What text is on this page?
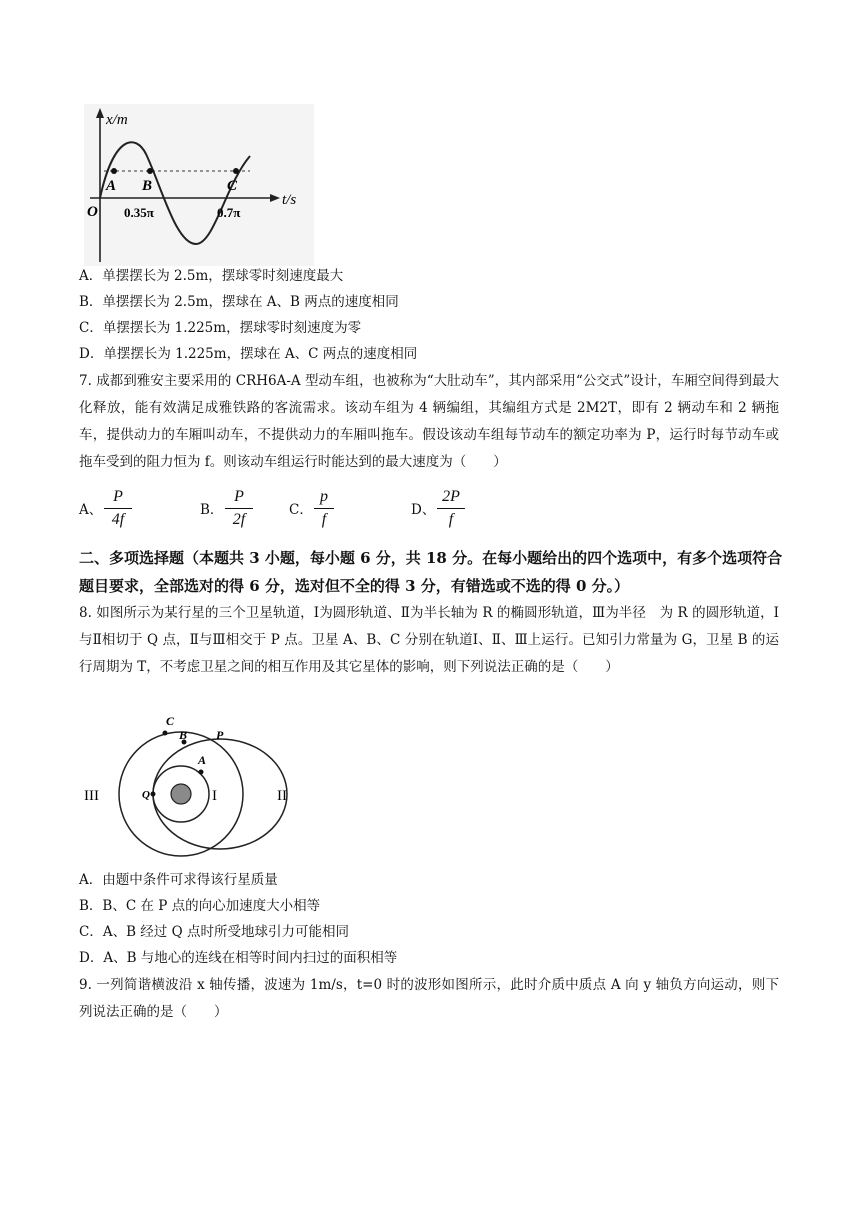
x/m
t/s
O
A B	C
0.35π	0.7π
A．单摆摆长为 2.5m，摆球零时刻速度最大
B．单摆摆长为 2.5m，摆球在 A、B 两点的速度相同
C．单摆摆长为 1.225m，摆球零时刻速度为零
D．单摆摆长为 1.225m，摆球在 A、C 两点的速度相同
7. 成都到雅安主要采用的 CRH6A-A 型动车组，也被称为“大肚动车”，其内部采用“公交式”设计，车厢空间得到最大化释放，能有效满足成雅铁路的客流需求。该动车组为 4 辆编组，其编组方式是 2M2T，即有 2 辆动车和 2 辆拖车，提供动力的车厢叫动车，不提供动力的车厢叫拖车。假设该动车组每节动车的额定功率为 P，运行时每节动车或拖车受到的阻力恒为 f。则该动车组运行时能达到的最大速度为（　　）
A、
P
4f
B．
P
2f
C．
p
f
D、
2P
f
二、多项选择题（本题共 3 小题，每小题 6 分，共 18 分。在每小题给出的四个选项中，有多个选项符合题目要求，全部选对的得 6 分，选对但不全的得 3 分，有错选或不选的得 0 分。）
8. 如图所示为某行星的三个卫星轨道，Ⅰ为圆形轨道、Ⅱ为半长轴为 R 的椭圆形轨道，Ⅲ为半径　为 R 的圆形轨道，Ⅰ与Ⅱ相切于 Q 点，Ⅱ与Ⅲ相交于 P 点。卫星 A、B、C 分别在轨道Ⅰ、Ⅱ、Ⅲ上运行。已知引力常量为 G，卫星 B 的运行周期为 T，不考虑卫星之间的相互作用及其它星体的影响，则下列说法正确的是（　　）
C
B P
A
Q	I	II
III
A．由题中条件可求得该行星质量
B．B、C 在 P 点的向心加速度大小相等
C．A、B 经过 Q 点时所受地球引力可能相同
D．A、B 与地心的连线在相等时间内扫过的面积相等
9. 一列简谐横波沿 x 轴传播，波速为 1m/s，t=0 时的波形如图所示，此时介质中质点 A 向 y 轴负方向运动，则下列说法正确的是（　　）
